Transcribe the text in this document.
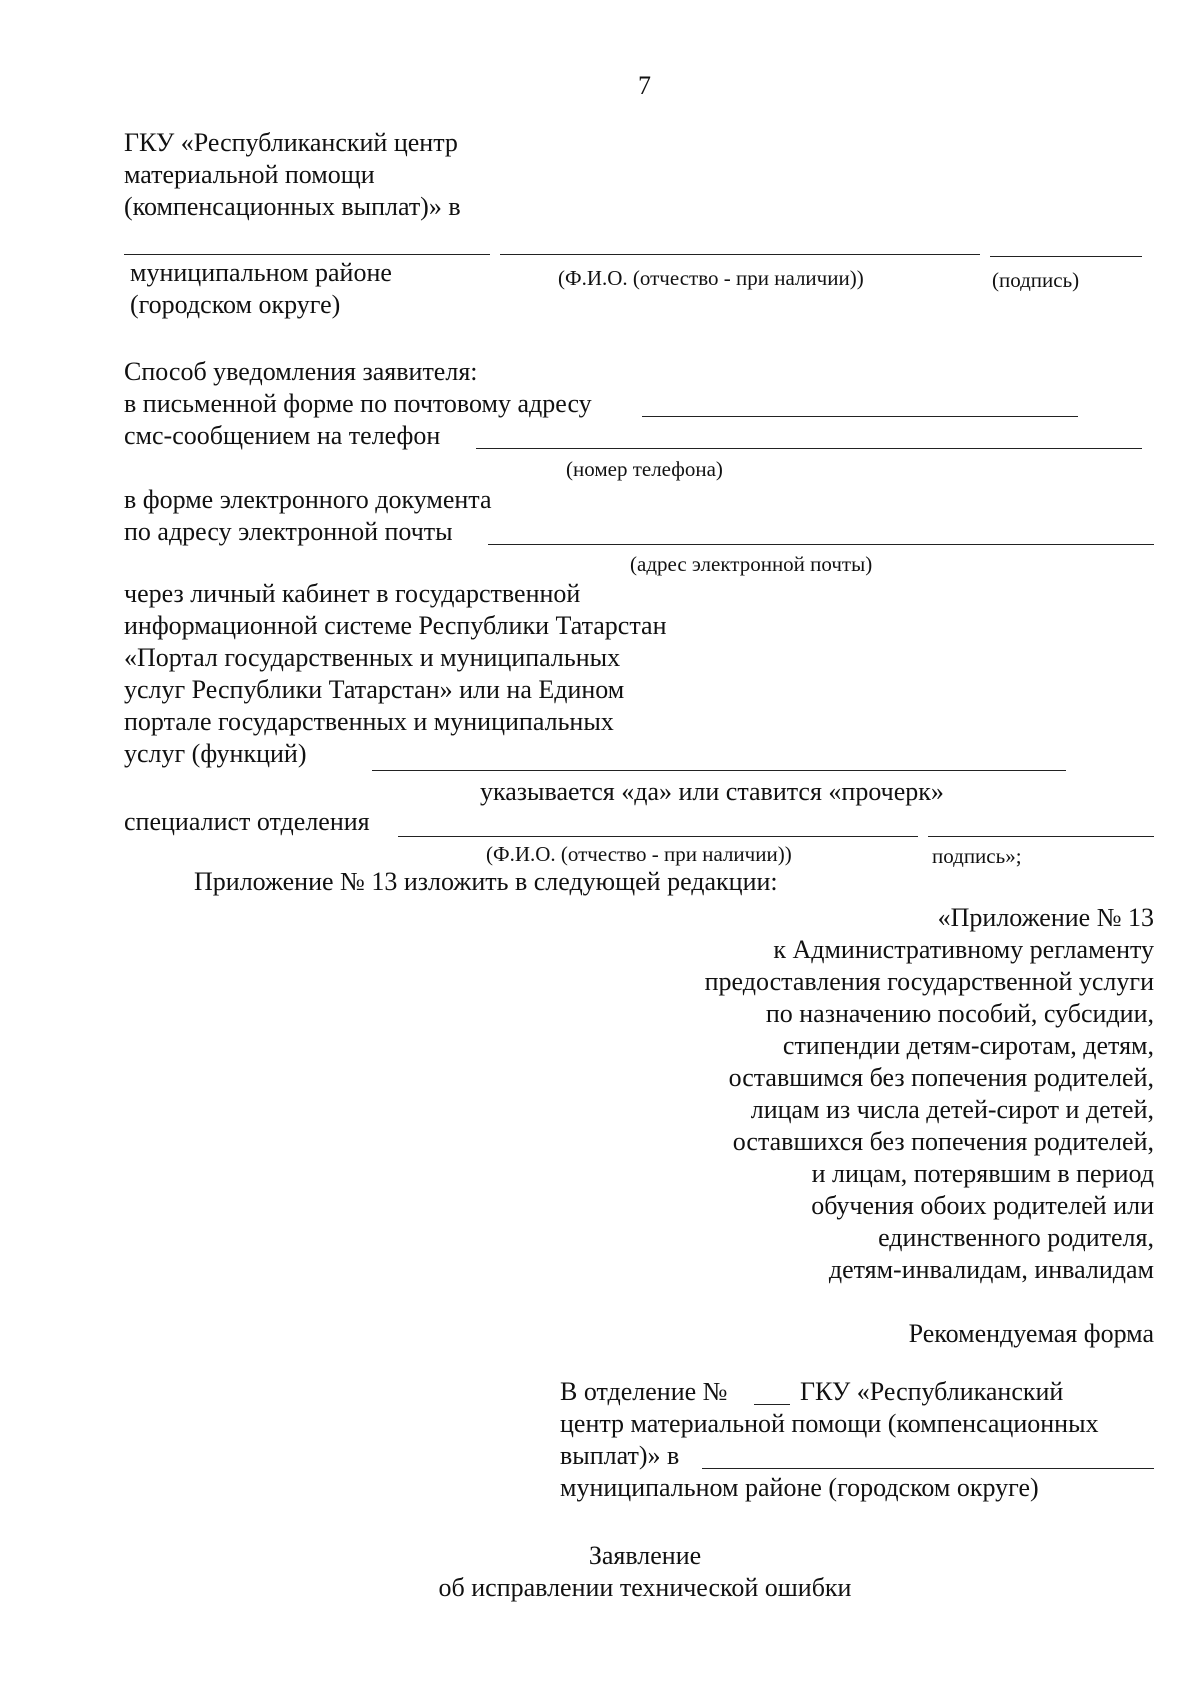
7
ГКУ «Республиканский центр
материальной помощи
(компенсационных выплат)» в
муниципальном районе
(городском округе)
(Ф.И.О. (отчество - при наличии))	(подпись)
Способ уведомления заявителя:
в письменной форме по почтовому адресу
смс-сообщением на телефон
(номер телефона)
в форме электронного документа
по адресу электронной почты
(адрес электронной почты)
через личный кабинет в государственной
информационной системе Республики Татарстан
«Портал государственных и муниципальных
услуг Республики Татарстан» или на Едином
портале государственных и муниципальных
услуг (функций)
указывается «да» или ставится «прочерк»
специалист отделения
(Ф.И.О. (отчество - при наличии))	подпись»;
Приложение № 13 изложить в следующей редакции:
«Приложение № 13
к Административному регламенту
предоставления государственной услуги
по назначению пособий, субсидии,
стипендии детям-сиротам, детям,
оставшимся без попечения родителей,
лицам из числа детей-сирот и детей,
оставшихся без попечения родителей,
и лицам, потерявшим в период
обучения обоих родителей или
единственного родителя,
детям-инвалидам, инвалидам
Рекомендуемая форма
В отделение №	ГКУ «Республиканский
центр материальной помощи (компенсационных
выплат)» в
муниципальном районе (городском округе)
Заявление
об исправлении технической ошибки
